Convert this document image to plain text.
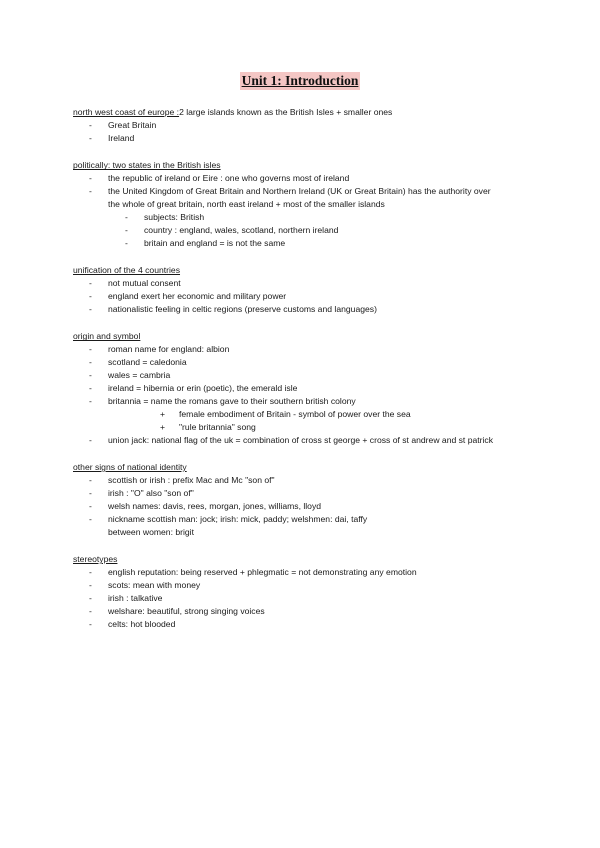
Unit 1: Introduction
north west coast of europe :2 large islands known as the British Isles + smaller ones
- Great Britain
- Ireland
politically: two states in the British isles
- the republic of ireland or Eire : one who governs most of ireland
- the United Kingdom of Great Britain and Northern Ireland (UK or Great Britain) has the authority over
the whole of great britain, north east ireland + most of the smaller islands
- subjects: British
- country : england, wales, scotland, northern ireland
- britain and england = is not the same
unification of the 4 countries
- not mutual consent
- england exert her economic and military power
- nationalistic feeling in celtic regions (preserve customs and languages)
origin and symbol
- roman name for england: albion
- scotland = caledonia
- wales = cambria
- ireland = hibernia or erin (poetic), the emerald isle
- britannia = name the romans gave to their southern british colony
+ female embodiment of Britain - symbol of power over the sea
+ "rule britannia" song
- union jack: national flag of the uk = combination of cross st george + cross of st andrew and st patrick
other signs of national identity
- scottish or irish : prefix Mac and Mc "son of"
- irish : "O" also "son of"
- welsh names: davis, rees, morgan, jones, williams, lloyd
- nickname scottish man: jock; irish: mick, paddy; welshmen: dai, taffy
between women: brigit
stereotypes
- english reputation: being reserved + phlegmatic = not demonstrating any emotion
- scots: mean with money
- irish : talkative
- welshare: beautiful, strong singing voices
- celts: hot blooded
